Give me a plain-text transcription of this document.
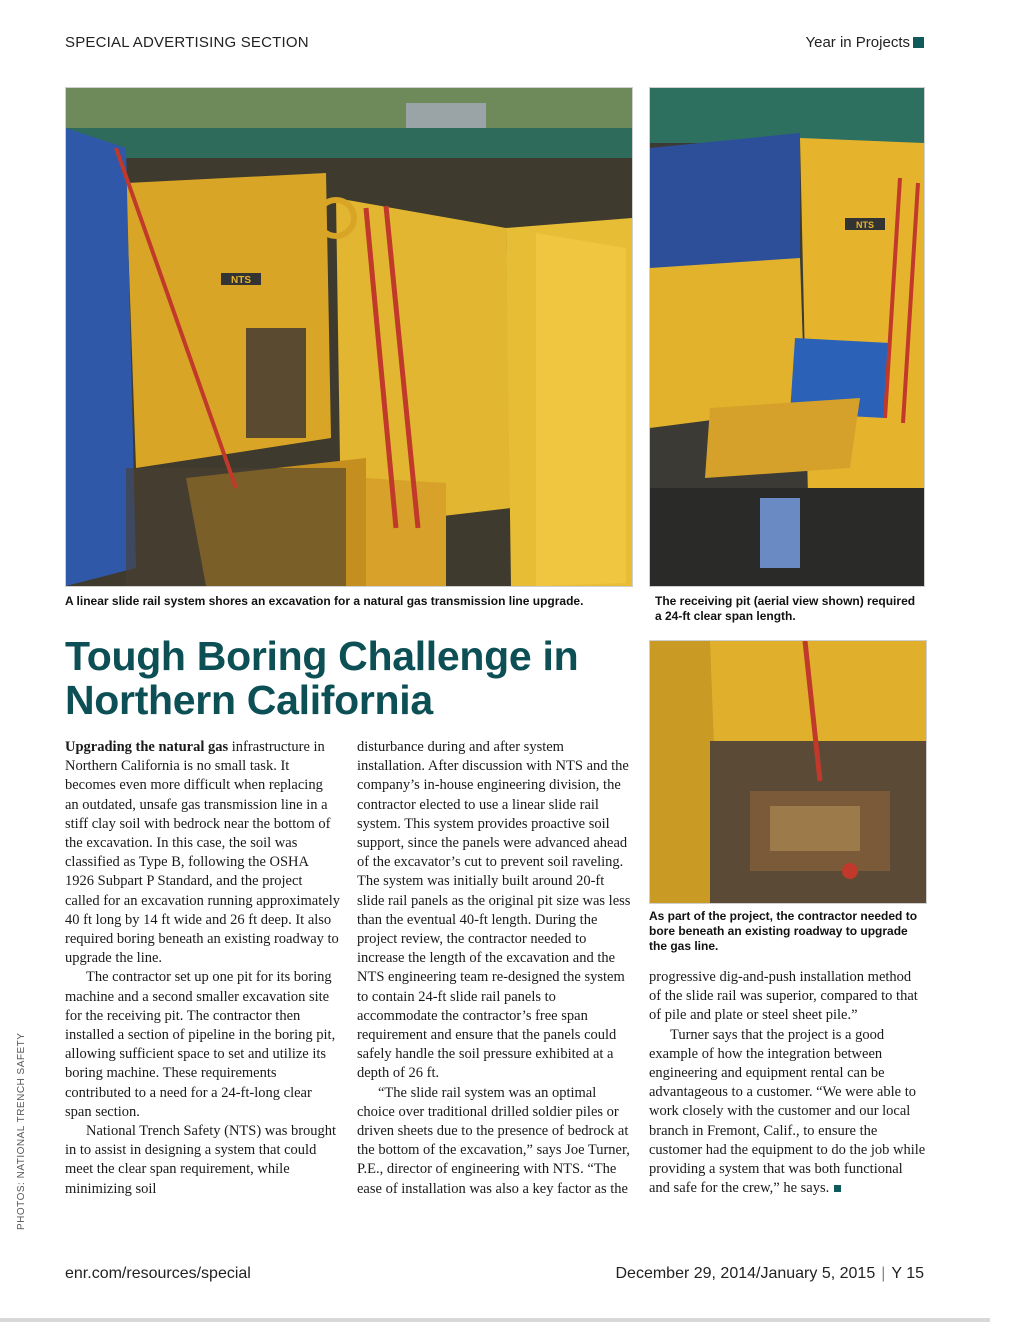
SPECIAL ADVERTISING SECTION	Year in Projects
NTS
A linear slide rail system shores an excavation for a natural gas transmission line upgrade.
NTS
The receiving pit (aerial view shown) required a 24-ft clear span length.
As part of the project, the contractor needed to bore beneath an existing roadway to upgrade the gas line.
Tough Boring Challenge in
Northern California

Upgrading the natural gas infrastructure in Northern California is no small task. It becomes even more difficult when replacing an outdated, unsafe gas transmission line in a stiff clay soil with bedrock near the bottom of the excavation. In this case, the soil was classified as Type B, following the OSHA 1926 Subpart P Standard, and the project called for an excavation running approximately 40 ft long by 14 ft wide and 26 ft deep. It also required boring beneath an existing roadway to upgrade the line.

The contractor set up one pit for its boring machine and a second smaller excavation site for the receiving pit. The contractor then installed a section of pipeline in the boring pit, allowing sufficient space to set and utilize its boring machine. These requirements contributed to a need for a 24-ft-long clear span section.

National Trench Safety (NTS) was brought in to assist in designing a system that could meet the clear span requirement, while minimizing soil

disturbance during and after system installation. After discussion with NTS and the company’s in-house engineering division, the contractor elected to use a linear slide rail system. This system provides proactive soil support, since the panels were advanced ahead of the excavator’s cut to prevent soil raveling. The system was initially built around 20-ft slide rail panels as the original pit size was less than the eventual 40-ft length. During the project review, the contractor needed to increase the length of the excavation and the NTS engineering team re-designed the system to contain 24-ft slide rail panels to accommodate the contractor’s free span requirement and ensure that the panels could safely handle the soil pressure exhibited at a depth of 26 ft.

“The slide rail system was an optimal choice over traditional drilled soldier piles or driven sheets due to the presence of bedrock at the bottom of the excavation,” says Joe Turner, P.E., director of engineering with NTS. “The ease of installation was also a key factor as the

progressive dig-and-push installation method of the slide rail was superior, compared to that of pile and plate or steel sheet pile.”

Turner says that the project is a good example of how the integration between engineering and equipment rental can be advantageous to a customer. “We were able to work closely with the customer and our local branch in Fremont, Calif., to ensure the customer had the equipment to do the job while providing a system that was both functional and safe for the crew,” he says.

PHOTOS: NATIONAL TRENCH SAFETY
enr.com/resources/special	December 29, 2014/January 5, 2015 | Y 15
